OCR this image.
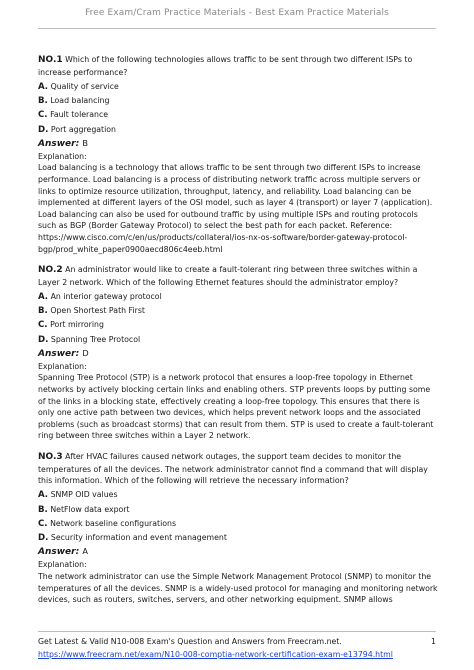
Free Exam/Cram Practice Materials - Best Exam Practice Materials

NO.1 Which of the following technologies allows traffic to be sent through two different ISPs to increase performance?

A. Quality of service
B. Load balancing
C. Fault tolerance
D. Port aggregation
Answer: B
Explanation:

Load balancing is a technology that allows traffic to be sent through two different ISPs to increase performance. Load balancing is a process of distributing network traffic across multiple servers or links to optimize resource utilization, throughput, latency, and reliability. Load balancing can be implemented at different layers of the OSI model, such as layer 4 (transport) or layer 7 (application). Load balancing can also be used for outbound traffic by using multiple ISPs and routing protocols such as BGP (Border Gateway Protocol) to select the best path for each packet. Reference: https://www.cisco.com/c/en/us/products/collateral/ios-nx-os-software/border-gateway-protocol-bgp/prod_white_paper0900aecd806c4eeb.html

NO.2 An administrator would like to create a fault-tolerant ring between three switches within a Layer 2 network. Which of the following Ethernet features should the administrator employ?

A. An interior gateway protocol
B. Open Shortest Path First
C. Port mirroring
D. Spanning Tree Protocol
Answer: D
Explanation:

Spanning Tree Protocol (STP) is a network protocol that ensures a loop-free topology in Ethernet networks by actively blocking certain links and enabling others. STP prevents loops by putting some of the links in a blocking state, effectively creating a loop-free topology. This ensures that there is only one active path between two devices, which helps prevent network loops and the associated problems (such as broadcast storms) that can result from them. STP is used to create a fault-tolerant ring between three switches within a Layer 2 network.

NO.3 After HVAC failures caused network outages, the support team decides to monitor the temperatures of all the devices. The network administrator cannot find a command that will display this information. Which of the following will retrieve the necessary information?

A. SNMP OID values
B. NetFlow data export
C. Network baseline configurations
D. Security information and event management
Answer: A
Explanation:

The network administrator can use the Simple Network Management Protocol (SNMP) to monitor the temperatures of all the devices. SNMP is a widely-used protocol for managing and monitoring network devices, such as routers, switches, servers, and other networking equipment. SNMP allows

Get Latest & Valid N10-008 Exam's Question and Answers from Freecram.net.	1
https://www.freecram.net/exam/N10-008-comptia-network-certification-exam-e13794.html
